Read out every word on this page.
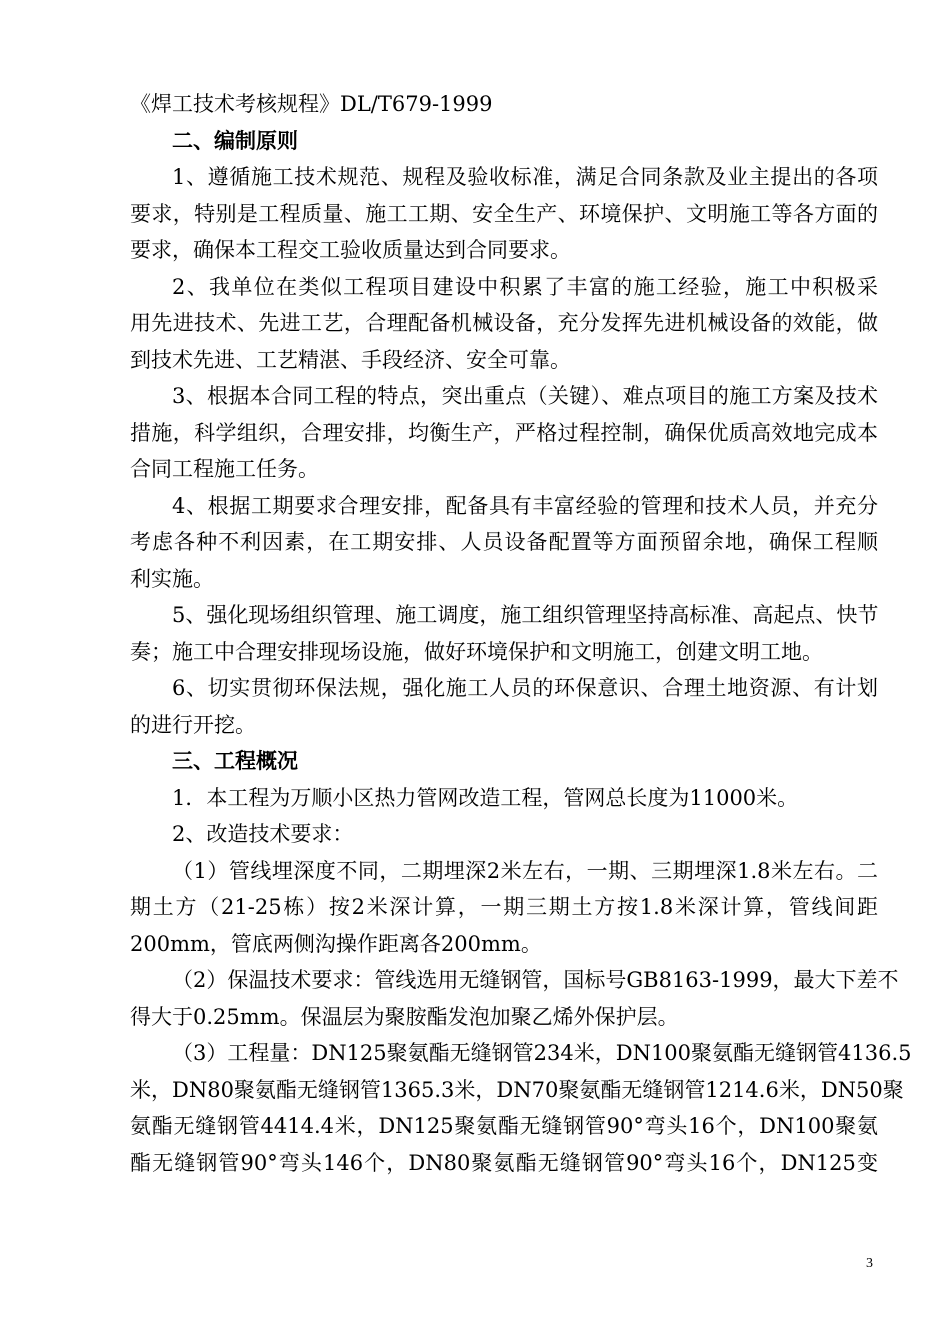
《焊工技术考核规程》DL/T679-1999
二、编制原则
1、遵循施工技术规范、规程及验收标准，满足合同条款及业主提出的各项
要求，特别是工程质量、施工工期、安全生产、环境保护、文明施工等各方面的
要求，确保本工程交工验收质量达到合同要求。
2、我单位在类似工程项目建设中积累了丰富的施工经验，施工中积极采
用先进技术、先进工艺，合理配备机械设备，充分发挥先进机械设备的效能，做
到技术先进、工艺精湛、手段经济、安全可靠。
3、根据本合同工程的特点，突出重点（关键）、难点项目的施工方案及技术
措施，科学组织，合理安排，均衡生产，严格过程控制，确保优质高效地完成本
合同工程施工任务。
4、根据工期要求合理安排，配备具有丰富经验的管理和技术人员，并充分
考虑各种不利因素，在工期安排、人员设备配置等方面预留余地，确保工程顺
利实施。
5、强化现场组织管理、施工调度，施工组织管理坚持高标准、高起点、快节
奏；施工中合理安排现场设施，做好环境保护和文明施工，创建文明工地。
6、切实贯彻环保法规，强化施工人员的环保意识、合理土地资源、有计划
的进行开挖。
三、工程概况
1．本工程为万顺小区热力管网改造工程，管网总长度为11000米。
2、改造技术要求：
（1）管线埋深度不同，二期埋深2米左右，一期、三期埋深1.8米左右。二
期土方（21-25栋）按2米深计算，一期三期土方按1.8米深计算，管线间距
200mm，管底两侧沟操作距离各200mm。
（2）保温技术要求：管线选用无缝钢管，国标号GB8163-1999，最大下差不
得大于0.25mm。保温层为聚胺酯发泡加聚乙烯外保护层。
（3）工程量：DN125聚氨酯无缝钢管234米，DN100聚氨酯无缝钢管4136.5
米，DN80聚氨酯无缝钢管1365.3米，DN70聚氨酯无缝钢管1214.6米，DN50聚
氨酯无缝钢管4414.4米，DN125聚氨酯无缝钢管90°弯头16个，DN100聚氨
酯无缝钢管90°弯头146个，DN80聚氨酯无缝钢管90°弯头16个，DN125变
3
